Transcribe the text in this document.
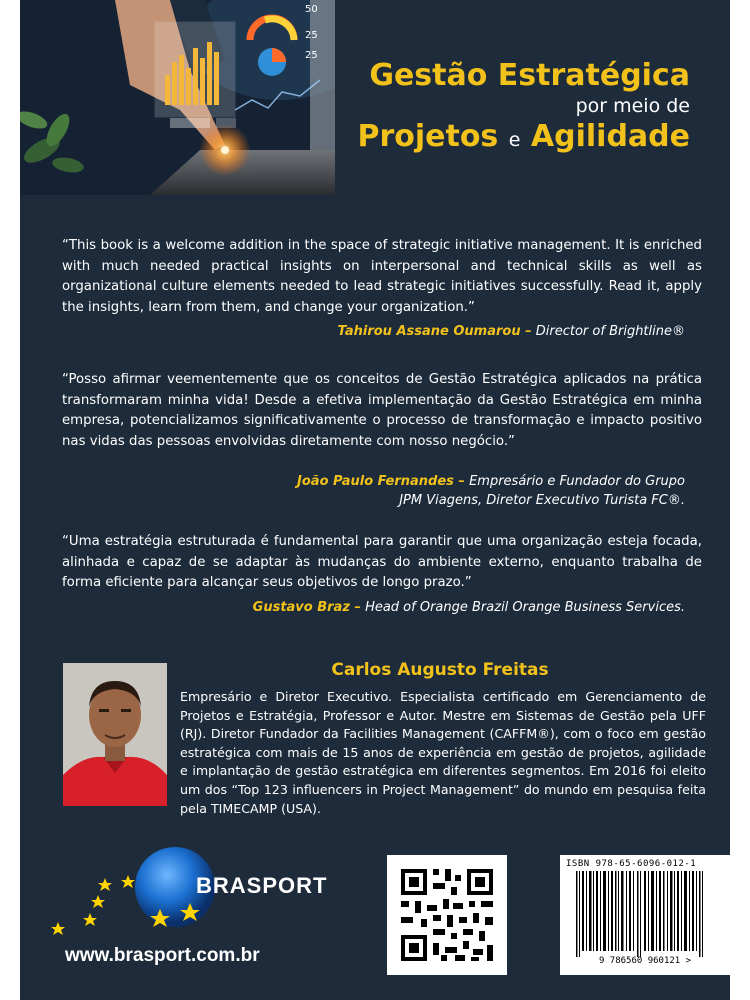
50
25
25
Gestão Estratégica
por meio de
Projetos e Agilidade
“This book is a welcome addition in the space of strategic initiative management. It is enriched with much needed practical insights on interpersonal and technical skills as well as organizational culture elements needed to lead strategic initiatives successfully. Read it, apply the insights, learn from them, and change your organization.”
Tahirou Assane Oumarou – Director of Brightline®
“Posso afirmar veementemente que os conceitos de Gestão Estratégica aplicados na prática transformaram minha vida! Desde a efetiva implementação da Gestão Estratégica em minha empresa, potencializamos significativamente o processo de transformação e impacto positivo nas vidas das pessoas envolvidas diretamente com nosso negócio.”
João Paulo Fernandes – Empresário e Fundador do Grupo
JPM Viagens, Diretor Executivo Turista FC®.
“Uma estratégia estruturada é fundamental para garantir que uma organização esteja focada, alinhada e capaz de se adaptar às mudanças do ambiente externo, enquanto trabalha de forma eficiente para alcançar seus objetivos de longo prazo.”
Gustavo Braz – Head of Orange Brazil Orange Business Services.
Carlos Augusto Freitas
Empresário e Diretor Executivo. Especialista certificado em Gerenciamento de Projetos e Estratégia, Professor e Autor. Mestre em Sistemas de Gestão pela UFF (RJ). Diretor Fundador da Facilities Management (CAFFM®), com o foco em gestão estratégica com mais de 15 anos de experiência em gestão de projetos, agilidade e implantação de gestão estratégica em diferentes segmentos. Em 2016 foi eleito um dos “Top 123 influencers in Project Management” do mundo em pesquisa feita pela TIMECAMP (USA).
BRASPORT
www.brasport.com.br
ISBN 978-65-6096-012-1
9 786560 960121 >
